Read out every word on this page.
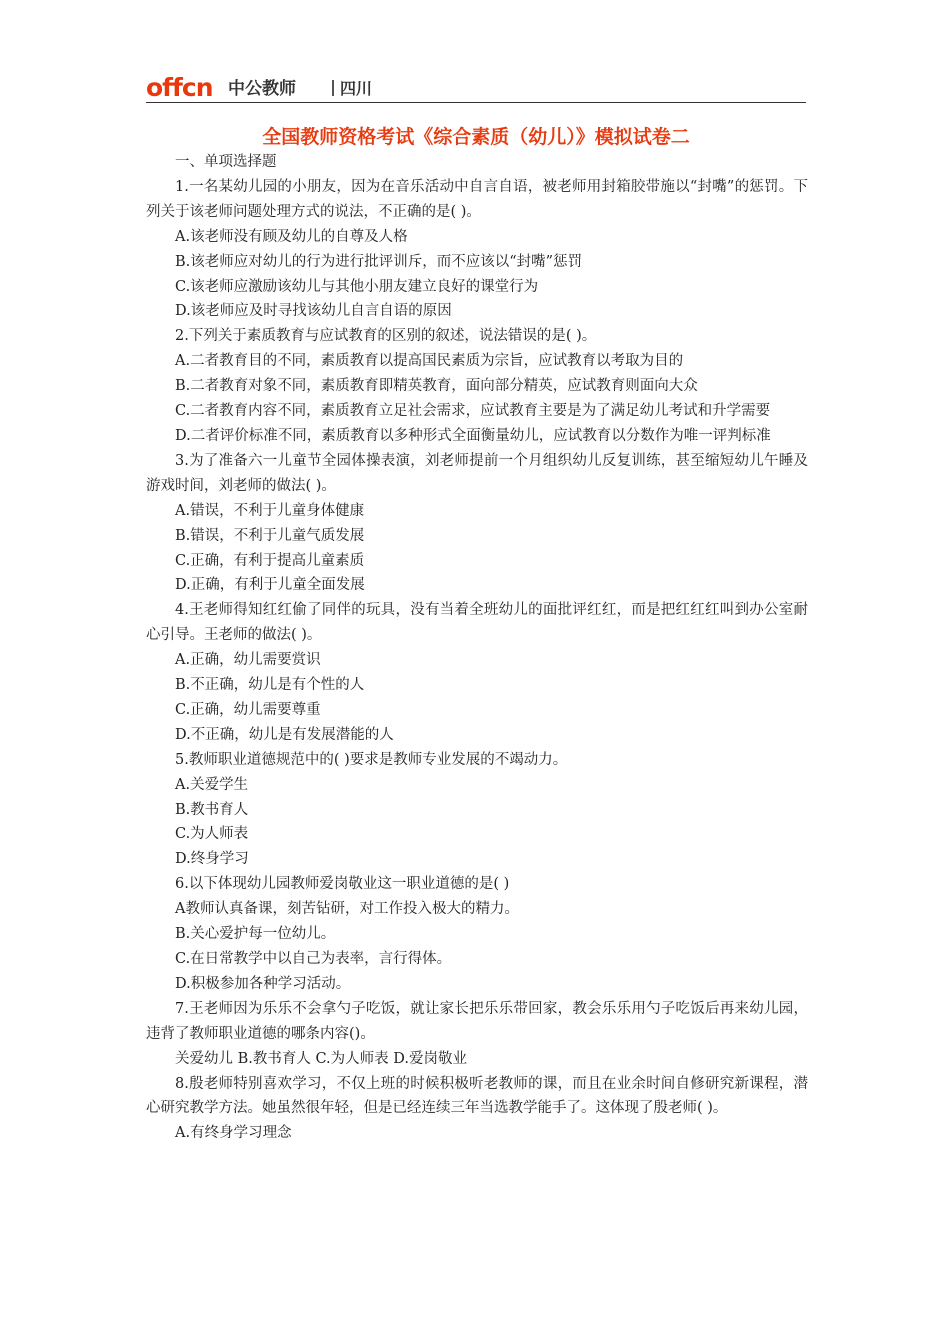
offcn 中公教师	四川
全国教师资格考试《综合素质（幼儿）》模拟试卷二

一、单项选择题

1.一名某幼儿园的小朋友，因为在音乐活动中自言自语，被老师用封箱胶带施以“封嘴”的惩罚。下列关于该老师问题处理方式的说法，不正确的是( )。

A.该老师没有顾及幼儿的自尊及人格

B.该老师应对幼儿的行为进行批评训斥，而不应该以“封嘴”惩罚

C.该老师应激励该幼儿与其他小朋友建立良好的课堂行为

D.该老师应及时寻找该幼儿自言自语的原因

2.下列关于素质教育与应试教育的区别的叙述，说法错误的是( )。

A.二者教育目的不同，素质教育以提高国民素质为宗旨，应试教育以考取为目的

B.二者教育对象不同，素质教育即精英教育，面向部分精英，应试教育则面向大众

C.二者教育内容不同，素质教育立足社会需求，应试教育主要是为了满足幼儿考试和升学需要

D.二者评价标准不同，素质教育以多种形式全面衡量幼儿，应试教育以分数作为唯一评判标准

3.为了准备六一儿童节全园体操表演，刘老师提前一个月组织幼儿反复训练，甚至缩短幼儿午睡及游戏时间，刘老师的做法( )。

A.错误，不利于儿童身体健康

B.错误，不利于儿童气质发展

C.正确，有利于提高儿童素质

D.正确，有利于儿童全面发展

4.王老师得知红红偷了同伴的玩具，没有当着全班幼儿的面批评红红，而是把红红红叫到办公室耐心引导。王老师的做法( )。

A.正确，幼儿需要赏识

B.不正确，幼儿是有个性的人

C.正确，幼儿需要尊重

D.不正确，幼儿是有发展潜能的人

5.教师职业道德规范中的( )要求是教师专业发展的不竭动力。

A.关爱学生

B.教书育人

C.为人师表

D.终身学习

6.以下体现幼儿园教师爱岗敬业这一职业道德的是( )

A教师认真备课，刻苦钻研，对工作投入极大的精力。

B.关心爱护每一位幼儿。

C.在日常教学中以自己为表率，言行得体。

D.积极参加各种学习活动。

7.王老师因为乐乐不会拿勺子吃饭，就让家长把乐乐带回家，教会乐乐用勺子吃饭后再来幼儿园，违背了教师职业道德的哪条内容()。

关爱幼儿 B.教书育人 C.为人师表 D.爱岗敬业

8.殷老师特别喜欢学习，不仅上班的时候积极听老教师的课，而且在业余时间自修研究新课程，潜心研究教学方法。她虽然很年轻，但是已经连续三年当选教学能手了。这体现了殷老师( )。

A.有终身学习理念
